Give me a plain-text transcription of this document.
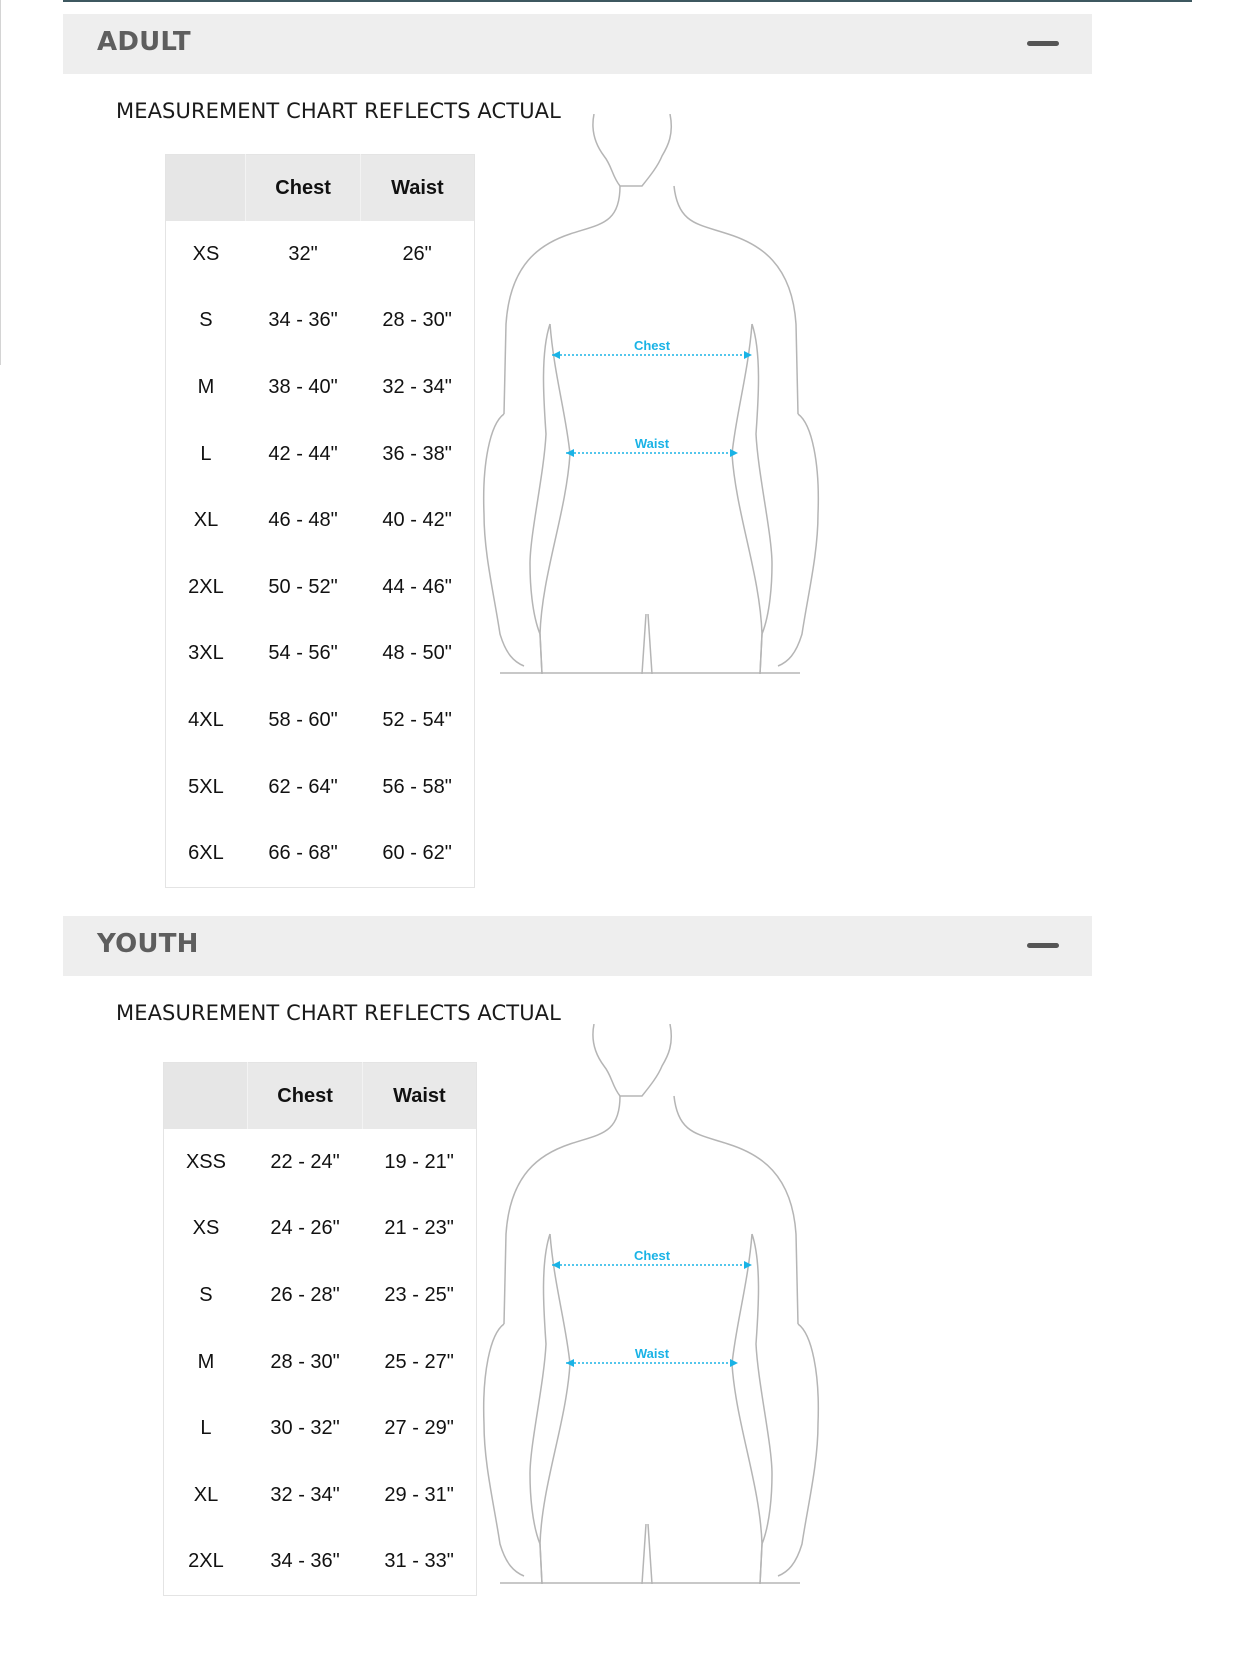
ADULT

MEASUREMENT CHART REFLECTS ACTUAL

	Chest	Waist
XS	32"	26"
S	34 - 36"	28 - 30"
M	38 - 40"	32 - 34"
L	42 - 44"	36 - 38"
XL	46 - 48"	40 - 42"
2XL	50 - 52"	44 - 46"
3XL	54 - 56"	48 - 50"
4XL	58 - 60"	52 - 54"
5XL	62 - 64"	56 - 58"
6XL	66 - 68"	60 - 62"
Chest
Waist
YOUTH

MEASUREMENT CHART REFLECTS ACTUAL

	Chest	Waist
XSS	22 - 24"	19 - 21"
XS	24 - 26"	21 - 23"
S	26 - 28"	23 - 25"
M	28 - 30"	25 - 27"
L	30 - 32"	27 - 29"
XL	32 - 34"	29 - 31"
2XL	34 - 36"	31 - 33"
Chest
Waist
